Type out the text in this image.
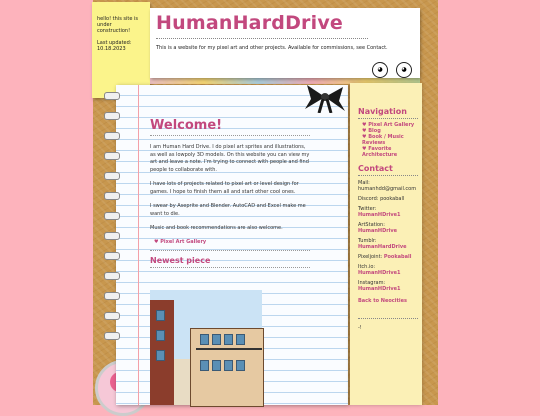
hello! this site is under construction!

Last updated:

10.18.2023

HumanHardDrive
This is a website for my pixel art and other projects. Available for commissions, see Contact.
◕	◕
Welcome!

I am Human Hard Drive. I do pixel art sprites and illustrations, as well as lowpoly 3D models. On this website you can view my art and leave a note. I'm trying to connect with people and find people to collaborate with.

I have lots of projects related to pixel art or level design for games. I hope to finish them all and start other cool ones.

I swear by Aseprite and Blender. AutoCAD and Excel make me want to die.

Music and book recommendations are also welcome.

♥ Pixel Art Gallery
Newest piece
Navigation
♥ Pixel Art Gallery
♥ Blog
♥ Book / Music Reviews
♥ Favorite Architecture
Contact

Mail:

humanhdd@gmail.com

Discord: pookaball

Twitter:

HumanHDrive1

ArtStation:

HumanHDrive

Tumblr: HumanHardDrive

Pixeljoint: Pookaball

Itch.io:

HumanHDrive1

Instagram:

HumanHDrive1

Back to Neocities

-!
